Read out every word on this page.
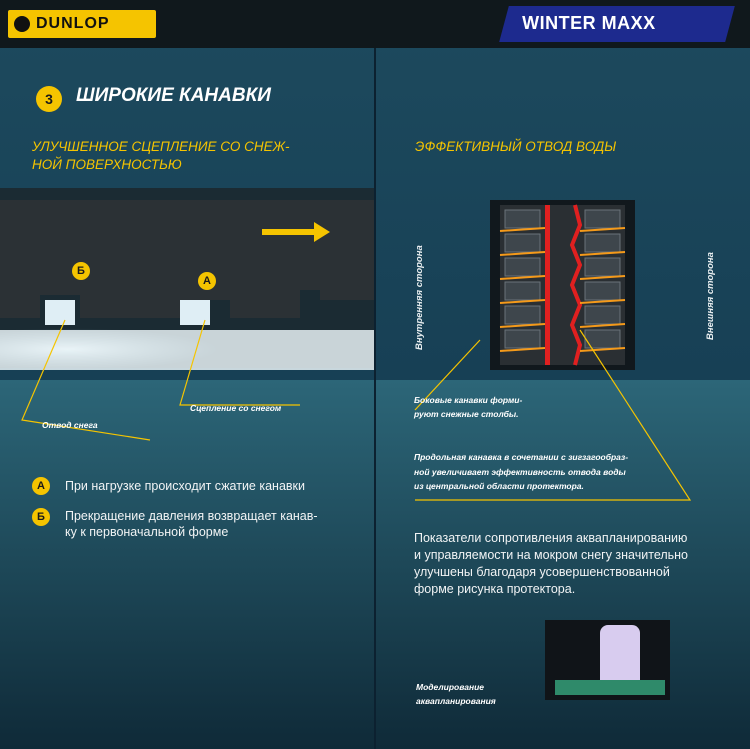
DUNLOP	WINTER MAXX
3	ШИРОКИЕ КАНАВКИ
УЛУЧШЕННОЕ СЦЕПЛЕНИЕ СО СНЕЖ-
НОЙ ПОВЕРХНОСТЬЮ
ЭФФЕКТИВНЫЙ ОТВОД ВОДЫ
Б
А
Отвод снега
Сцепление со снегом
А	При нагрузке происходит сжатие канавки
Б	Прекращение давления возвращает канав-
ку к первоначальной форме
Внутренняя сторона	Внешняя сторона
Боковые канавки форми-
руют снежные столбы.
Продольная канавка в сочетании с зигзагообраз-
ной увеличивает эффективность отвода воды
из центральной области протектора.
Показатели сопротивления аквапланированию
и управляемости на мокром снегу значительно
улучшены благодаря усовершенствованной
форме рисунка протектора.
Моделирование
аквапланирования
